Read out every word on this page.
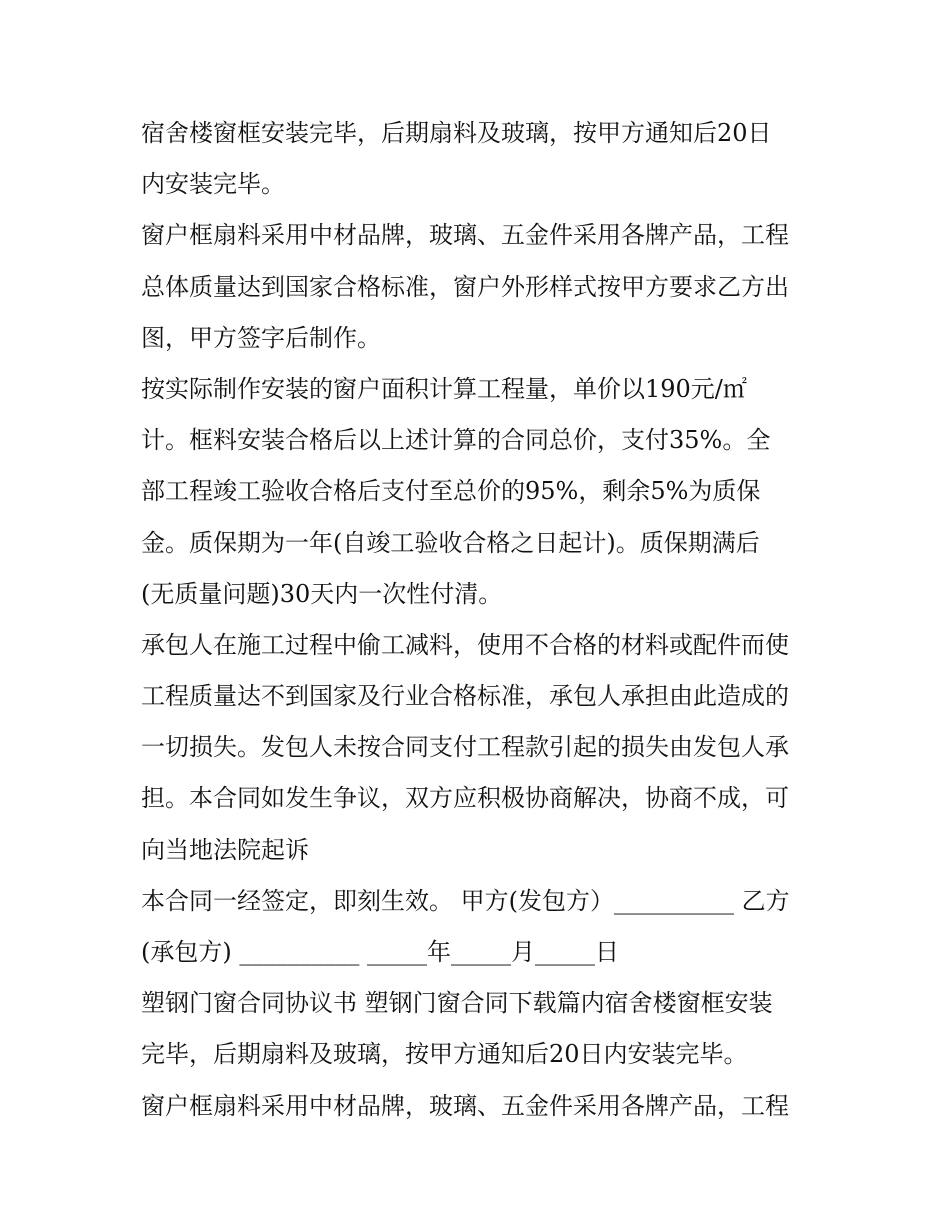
宿舍楼窗框安装完毕，后期扇料及玻璃，按甲方通知后20日
内安装完毕。
窗户框扇料采用中材品牌，玻璃、五金件采用各牌产品，工程
总体质量达到国家合格标准，窗户外形样式按甲方要求乙方出
图，甲方签字后制作。
按实际制作安装的窗户面积计算工程量，单价以190元/㎡
计。框料安装合格后以上述计算的合同总价，支付35%。全
部工程竣工验收合格后支付至总价的95%，剩余5%为质保
金。质保期为一年(自竣工验收合格之日起计)。质保期满后
(无质量问题)30天内一次性付清。
承包人在施工过程中偷工减料，使用不合格的材料或配件而使
工程质量达不到国家及行业合格标准，承包人承担由此造成的
一切损失。发包人未按合同支付工程款引起的损失由发包人承
担。本合同如发生争议，双方应积极协商解决，协商不成，可
向当地法院起诉
本合同一经签定，即刻生效。 甲方(发包方）__________ 乙方
(承包方) __________ _____年_____月_____日
塑钢门窗合同协议书 塑钢门窗合同下载篇内宿舍楼窗框安装
完毕，后期扇料及玻璃，按甲方通知后20日内安装完毕。
窗户框扇料采用中材品牌，玻璃、五金件采用各牌产品，工程
